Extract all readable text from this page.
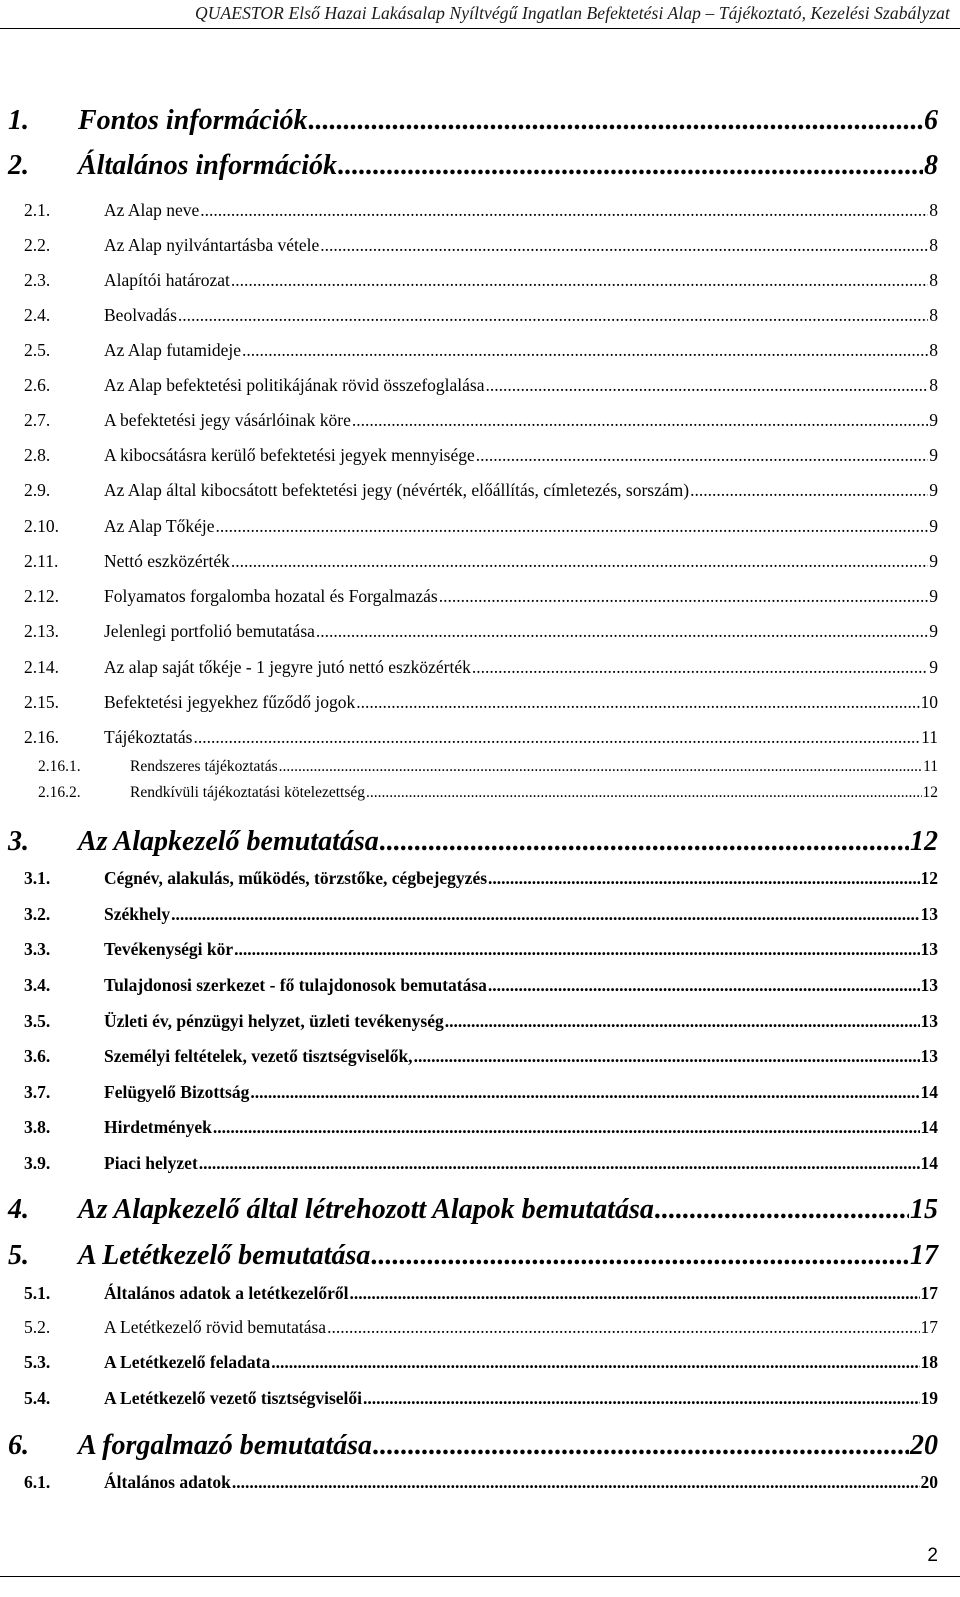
QUAESTOR Első Hazai Lakásalap Nyíltvégű Ingatlan Befektetési Alap – Tájékoztató, Kezelési Szabályzat
1. Fontos információk .....	6
2. Általános információk .....	8
2.1.	Az Alap neve .....	8
2.2.	Az Alap nyilvántartásba vétele .....	8
2.3.	Alapítói határozat .....	8
2.4.	Beolvadás .....	8
2.5.	Az Alap futamideje .....	8
2.6.	Az Alap befektetési politikájának rövid összefoglalása .....	8
2.7.	A befektetési jegy vásárlóinak köre .....	9
2.8.	A kibocsátásra kerülő befektetési jegyek mennyisége .....	9
2.9.	Az Alap által kibocsátott befektetési jegy (névérték, előállítás, címletezés, sorszám) .....	9
2.10.	Az Alap Tőkéje .....	9
2.11.	Nettó eszközérték .....	9
2.12.	Folyamatos forgalomba hozatal és Forgalmazás .....	9
2.13.	Jelenlegi portfolió bemutatása .....	9
2.14.	Az alap saját tőkéje - 1 jegyre jutó nettó eszközérték .....	9
2.15.	Befektetési jegyekhez fűződő jogok .....	10
2.16.	Tájékoztatás .....	11
2.16.1.	Rendszeres tájékoztatás .....	11
2.16.2.	Rendkívüli tájékoztatási kötelezettség .....	12
3. Az Alapkezelő bemutatása .....	12
3.1.	Cégnév, alakulás, működés, törzstőke, cégbejegyzés .....	12
3.2.	Székhely .....	13
3.3.	Tevékenységi kör .....	13
3.4.	Tulajdonosi szerkezet - fő tulajdonosok bemutatása .....	13
3.5.	Üzleti év, pénzügyi helyzet, üzleti tevékenység .....	13
3.6.	Személyi feltételek, vezető tisztségviselők, .....	13
3.7.	Felügyelő Bizottság .....	14
3.8.	Hirdetmények .....	14
3.9.	Piaci helyzet .....	14
4. Az Alapkezelő által létrehozott Alapok bemutatása .....	15
5. A Letétkezelő bemutatása .....	17
5.1.	Általános adatok a letétkezelőről .....	17
5.2.	A Letétkezelő rövid bemutatása .....	17
5.3.	A Letétkezelő feladata .....	18
5.4.	A Letétkezelő vezető tisztségviselői .....	19
6. A forgalmazó bemutatása .....	20
6.1.	Általános adatok .....	20
2
